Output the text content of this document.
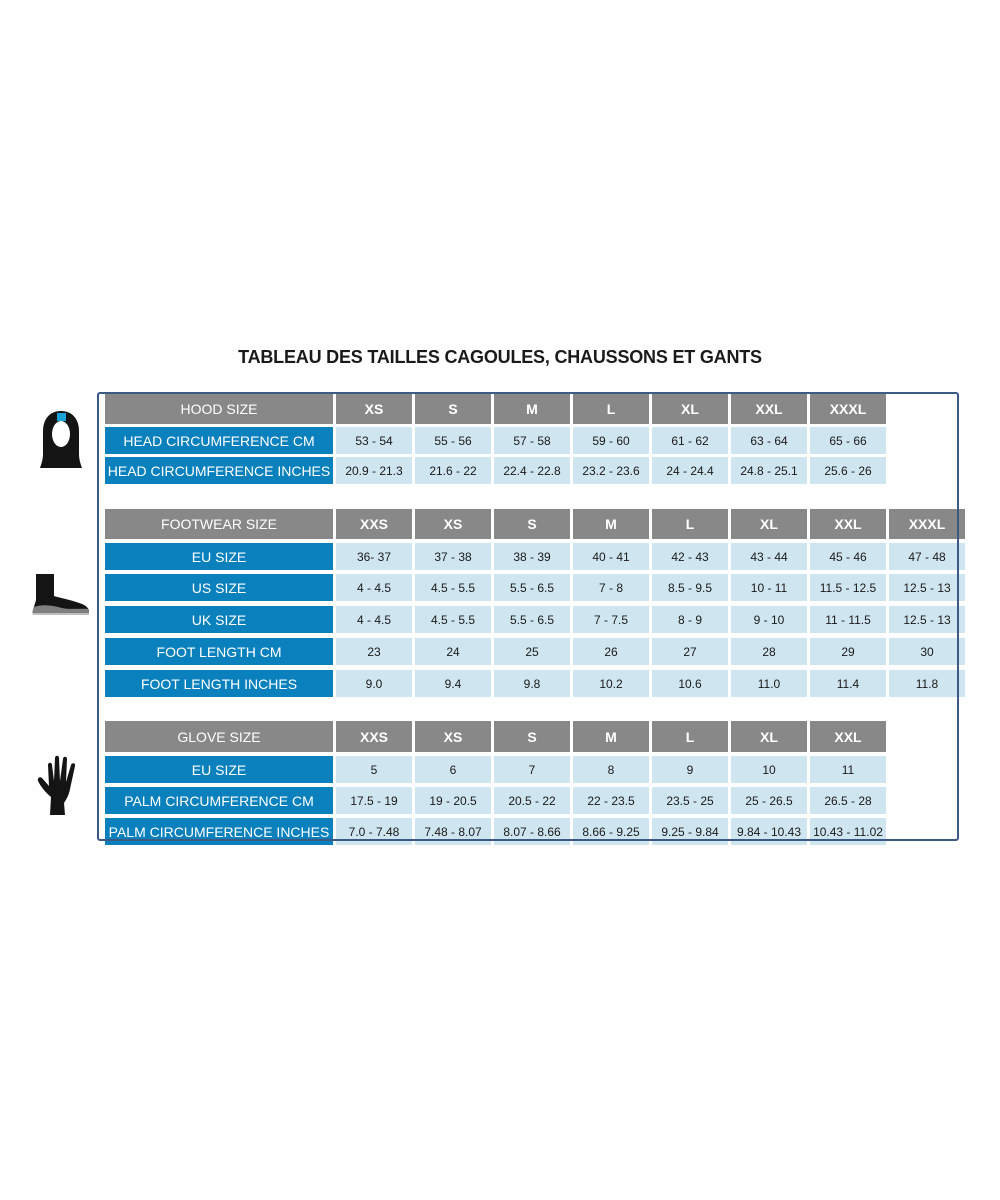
TABLEAU DES TAILLES CAGOULES, CHAUSSONS ET GANTS
HOOD SIZE	XS	S	M	L	XL	XXL	XXXL
HEAD CIRCUMFERENCE CM	53 - 54	55 - 56	57 - 58	59 - 60	61 - 62	63 - 64	65 - 66
HEAD CIRCUMFERENCE INCHES	20.9 - 21.3	21.6 - 22	22.4 - 22.8	23.2 - 23.6	24 - 24.4	24.8 - 25.1	25.6 - 26
FOOTWEAR SIZE	XXS	XS	S	M	L	XL	XXL	XXXL
EU SIZE	36- 37	37 - 38	38 - 39	40 - 41	42 - 43	43 - 44	45 - 46	47 - 48
US SIZE	4 - 4.5	4.5 - 5.5	5.5 - 6.5	7 - 8	8.5 - 9.5	10 - 11	11.5 - 12.5	12.5 - 13
UK SIZE	4 - 4.5	4.5 - 5.5	5.5 - 6.5	7 - 7.5	8 - 9	9 - 10	11 - 11.5	12.5 - 13
FOOT LENGTH CM	23	24	25	26	27	28	29	30
FOOT LENGTH INCHES	9.0	9.4	9.8	10.2	10.6	11.0	11.4	11.8
GLOVE SIZE	XXS	XS	S	M	L	XL	XXL
EU SIZE	5	6	7	8	9	10	11
PALM CIRCUMFERENCE CM	17.5 - 19	19 - 20.5	20.5 - 22	22 - 23.5	23.5 - 25	25 - 26.5	26.5 - 28
PALM CIRCUMFERENCE INCHES	7.0 - 7.48	7.48 - 8.07	8.07 - 8.66	8.66 - 9.25	9.25 - 9.84	9.84 - 10.43	10.43 - 11.02
